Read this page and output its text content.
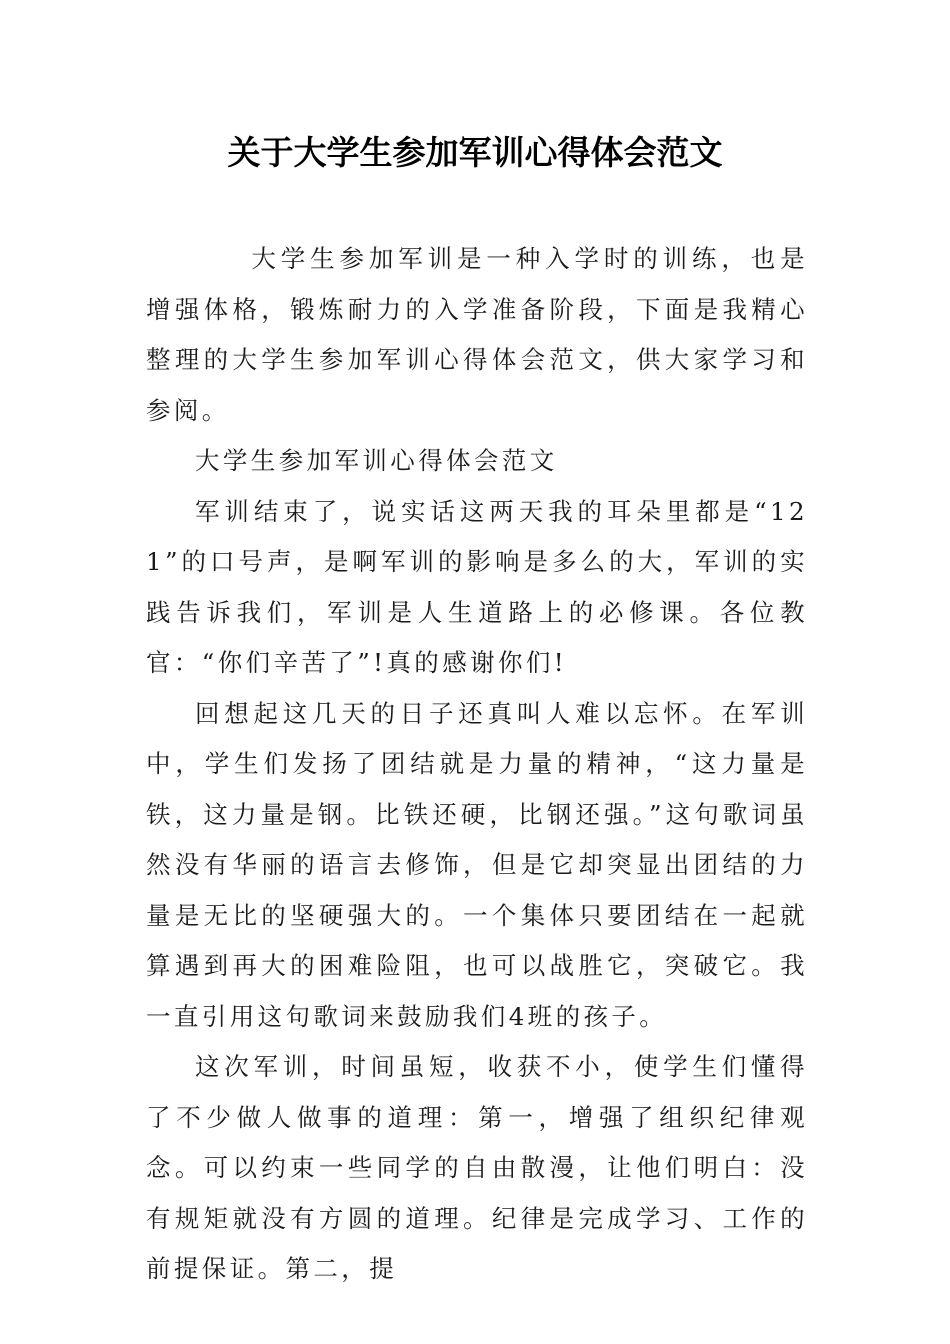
关于大学生参加军训心得体会范文

大学生参加军训是一种入学时的训练，也是增强体格，锻炼耐力的入学准备阶段，下面是我精心整理的大学生参加军训心得体会范文，供大家学习和参阅。

大学生参加军训心得体会范文

军训结束了，说实话这两天我的耳朵里都是“121”的口号声，是啊军训的影响是多么的大，军训的实践告诉我们，军训是人生道路上的必修课。各位教官：“你们辛苦了”!真的感谢你们!

回想起这几天的日子还真叫人难以忘怀。在军训中，学生们发扬了团结就是力量的精神，“这力量是铁，这力量是钢。比铁还硬，比钢还强。”这句歌词虽然没有华丽的语言去修饰，但是它却突显出团结的力量是无比的坚硬强大的。一个集体只要团结在一起就算遇到再大的困难险阻，也可以战胜它，突破它。我一直引用这句歌词来鼓励我们4班的孩子。

这次军训，时间虽短，收获不小，使学生们懂得了不少做人做事的道理：第一，增强了组织纪律观念。可以约束一些同学的自由散漫，让他们明白：没有规矩就没有方圆的道理。纪律是完成学习、工作的前提保证。第二，提
